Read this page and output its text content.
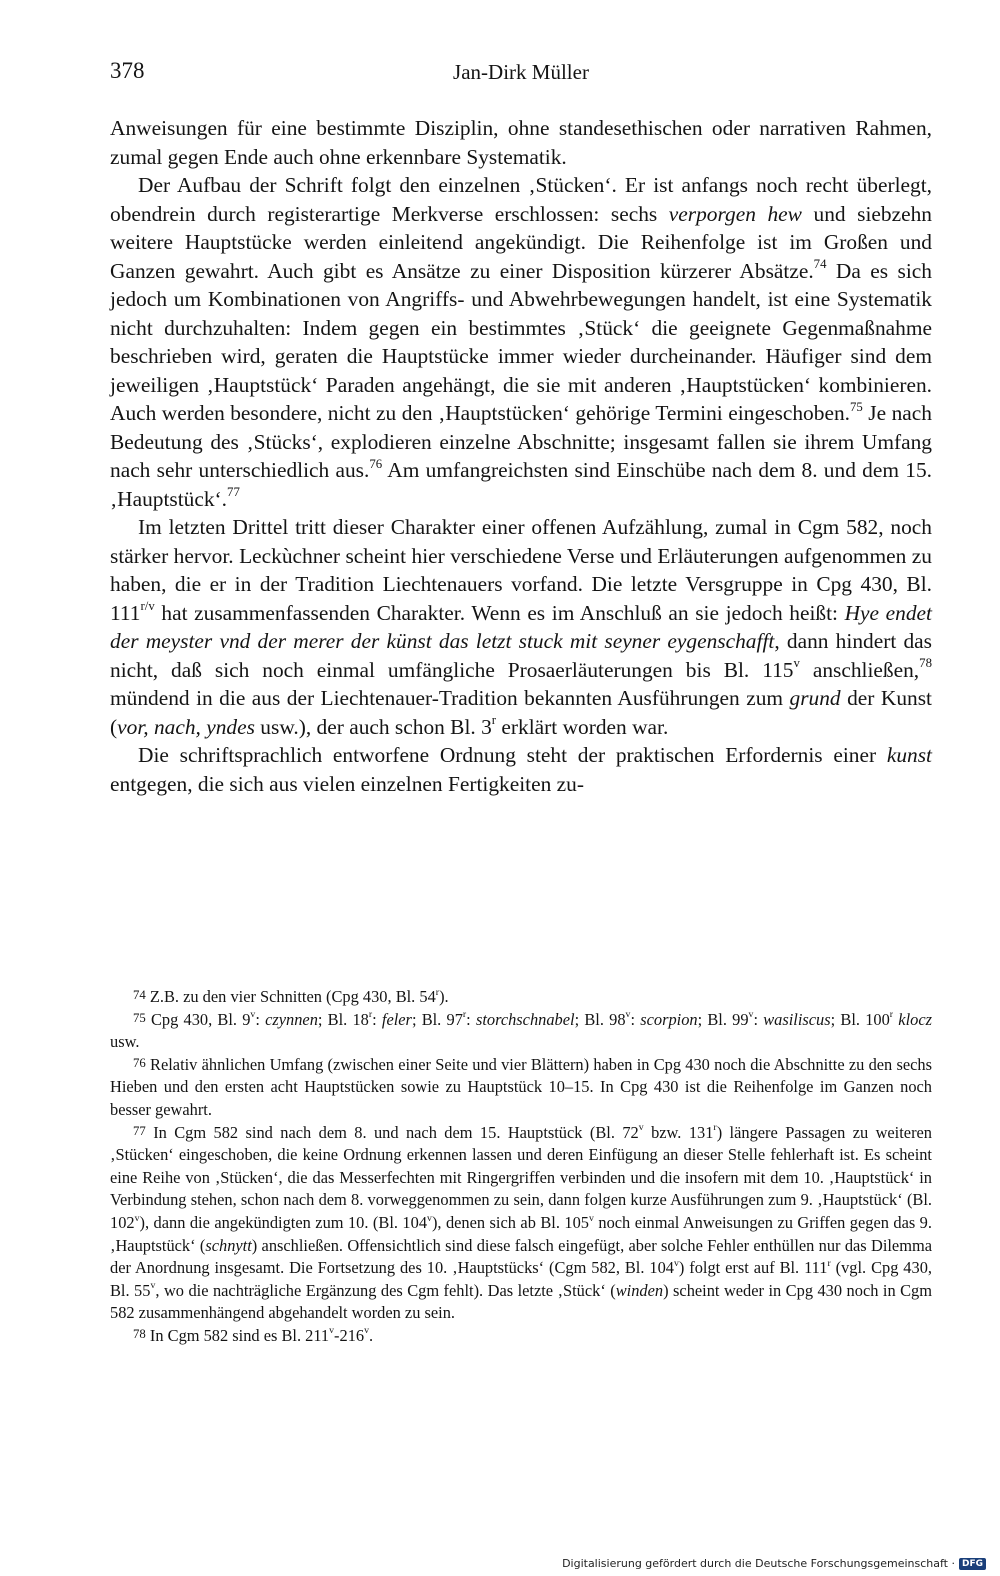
378	Jan-Dirk Müller

Anweisungen für eine bestimmte Disziplin, ohne standesethischen oder narrativen Rahmen, zumal gegen Ende auch ohne erkennbare Systematik.

Der Aufbau der Schrift folgt den einzelnen ‚Stücken‘. Er ist anfangs noch recht überlegt, obendrein durch registerartige Merkverse erschlossen: sechs verporgen hew und siebzehn weitere Hauptstücke werden einleitend angekündigt. Die Reihenfolge ist im Großen und Ganzen gewahrt. Auch gibt es Ansätze zu einer Disposition kürzerer Absätze.$^{74}$ Da es sich jedoch um Kombinationen von Angriffs- und Abwehrbewegungen handelt, ist eine Systematik nicht durchzuhalten: Indem gegen ein bestimmtes ‚Stück‘ die geeignete Gegenmaßnahme beschrieben wird, geraten die Hauptstücke immer wieder durcheinander. Häufiger sind dem jeweiligen ‚Hauptstück‘ Paraden angehängt, die sie mit anderen ‚Hauptstücken‘ kombinieren. Auch werden besondere, nicht zu den ‚Hauptstücken‘ gehörige Termini eingeschoben.$^{75}$ Je nach Bedeutung des ‚Stücks‘, explodieren einzelne Abschnitte; insgesamt fallen sie ihrem Umfang nach sehr unterschiedlich aus.$^{76}$ Am umfangreichsten sind Einschübe nach dem 8. und dem 15. ‚Hauptstück‘.$^{77}$

Im letzten Drittel tritt dieser Charakter einer offenen Aufzählung, zumal in Cgm 582, noch stärker hervor. Leckùchner scheint hier verschiedene Verse und Erläuterungen aufgenommen zu haben, die er in der Tradition Liechtenauers vorfand. Die letzte Versgruppe in Cpg 430, Bl. $111^{r/v}$ hat zusammenfassenden Charakter. Wenn es im Anschluß an sie jedoch heißt: Hye endet der meyster vnd der merer der künst das letzt stuck mit seyner eygenschafft, dann hindert das nicht, daß sich noch einmal umfängliche Prosaerläuterungen bis Bl. 115$^v$ anschließen,$^{78}$ mündend in die aus der Liechtenauer-Tradition bekannten Ausführungen zum grund der Kunst (vor, nach, yndes usw.), der auch schon Bl. 3$^r$ erklärt worden war.

Die schriftsprachlich entworfene Ordnung steht der praktischen Erfordernis einer kunst entgegen, die sich aus vielen einzelnen Fertigkeiten zu-

$^{74}$ Z.B. zu den vier Schnitten (Cpg 430, Bl. 54$^r$).

$^{75}$ Cpg 430, Bl. 9$^v$: czynnen; Bl. 18$^r$: feler; Bl. 97$^r$: storchschnabel; Bl. 98$^v$: scorpion; Bl. 99$^v$: wasiliscus; Bl. 100$^r$ klocz usw.

$^{76}$ Relativ ähnlichen Umfang (zwischen einer Seite und vier Blättern) haben in Cpg 430 noch die Abschnitte zu den sechs Hieben und den ersten acht Hauptstücken sowie zu Hauptstück 10–15. In Cpg 430 ist die Reihenfolge im Ganzen noch besser gewahrt.

$^{77}$ In Cgm 582 sind nach dem 8. und nach dem 15. Hauptstück (Bl. 72$^v$ bzw. 131$^r$) längere Passagen zu weiteren ‚Stücken‘ eingeschoben, die keine Ordnung erkennen lassen und deren Einfügung an dieser Stelle fehlerhaft ist. Es scheint eine Reihe von ‚Stücken‘, die das Messerfechten mit Ringergriffen verbinden und die insofern mit dem 10. ‚Hauptstück‘ in Verbindung stehen, schon nach dem 8. vorweggenommen zu sein, dann folgen kurze Ausführungen zum 9. ‚Hauptstück‘ (Bl. 102$^v$), dann die angekündigten zum 10. (Bl. 104$^v$), denen sich ab Bl. 105$^v$ noch einmal Anweisungen zu Griffen gegen das 9. ‚Hauptstück‘ (schnytt) anschließen. Offensichtlich sind diese falsch eingefügt, aber solche Fehler enthüllen nur das Dilemma der Anordnung insgesamt. Die Fortsetzung des 10. ‚Hauptstücks‘ (Cgm 582, Bl. 104$^v$) folgt erst auf Bl. 111$^r$ (vgl. Cpg 430, Bl. 55$^v$, wo die nachträgliche Ergänzung des Cgm fehlt). Das letzte ‚Stück‘ (winden) scheint weder in Cpg 430 noch in Cgm 582 zusammenhängend abgehandelt worden zu sein.

$^{78}$ In Cgm 582 sind es Bl. 211$^v$-216$^v$.

Digitalisierung gefördert durch die Deutsche Forschungsgemeinschaft · DFG
